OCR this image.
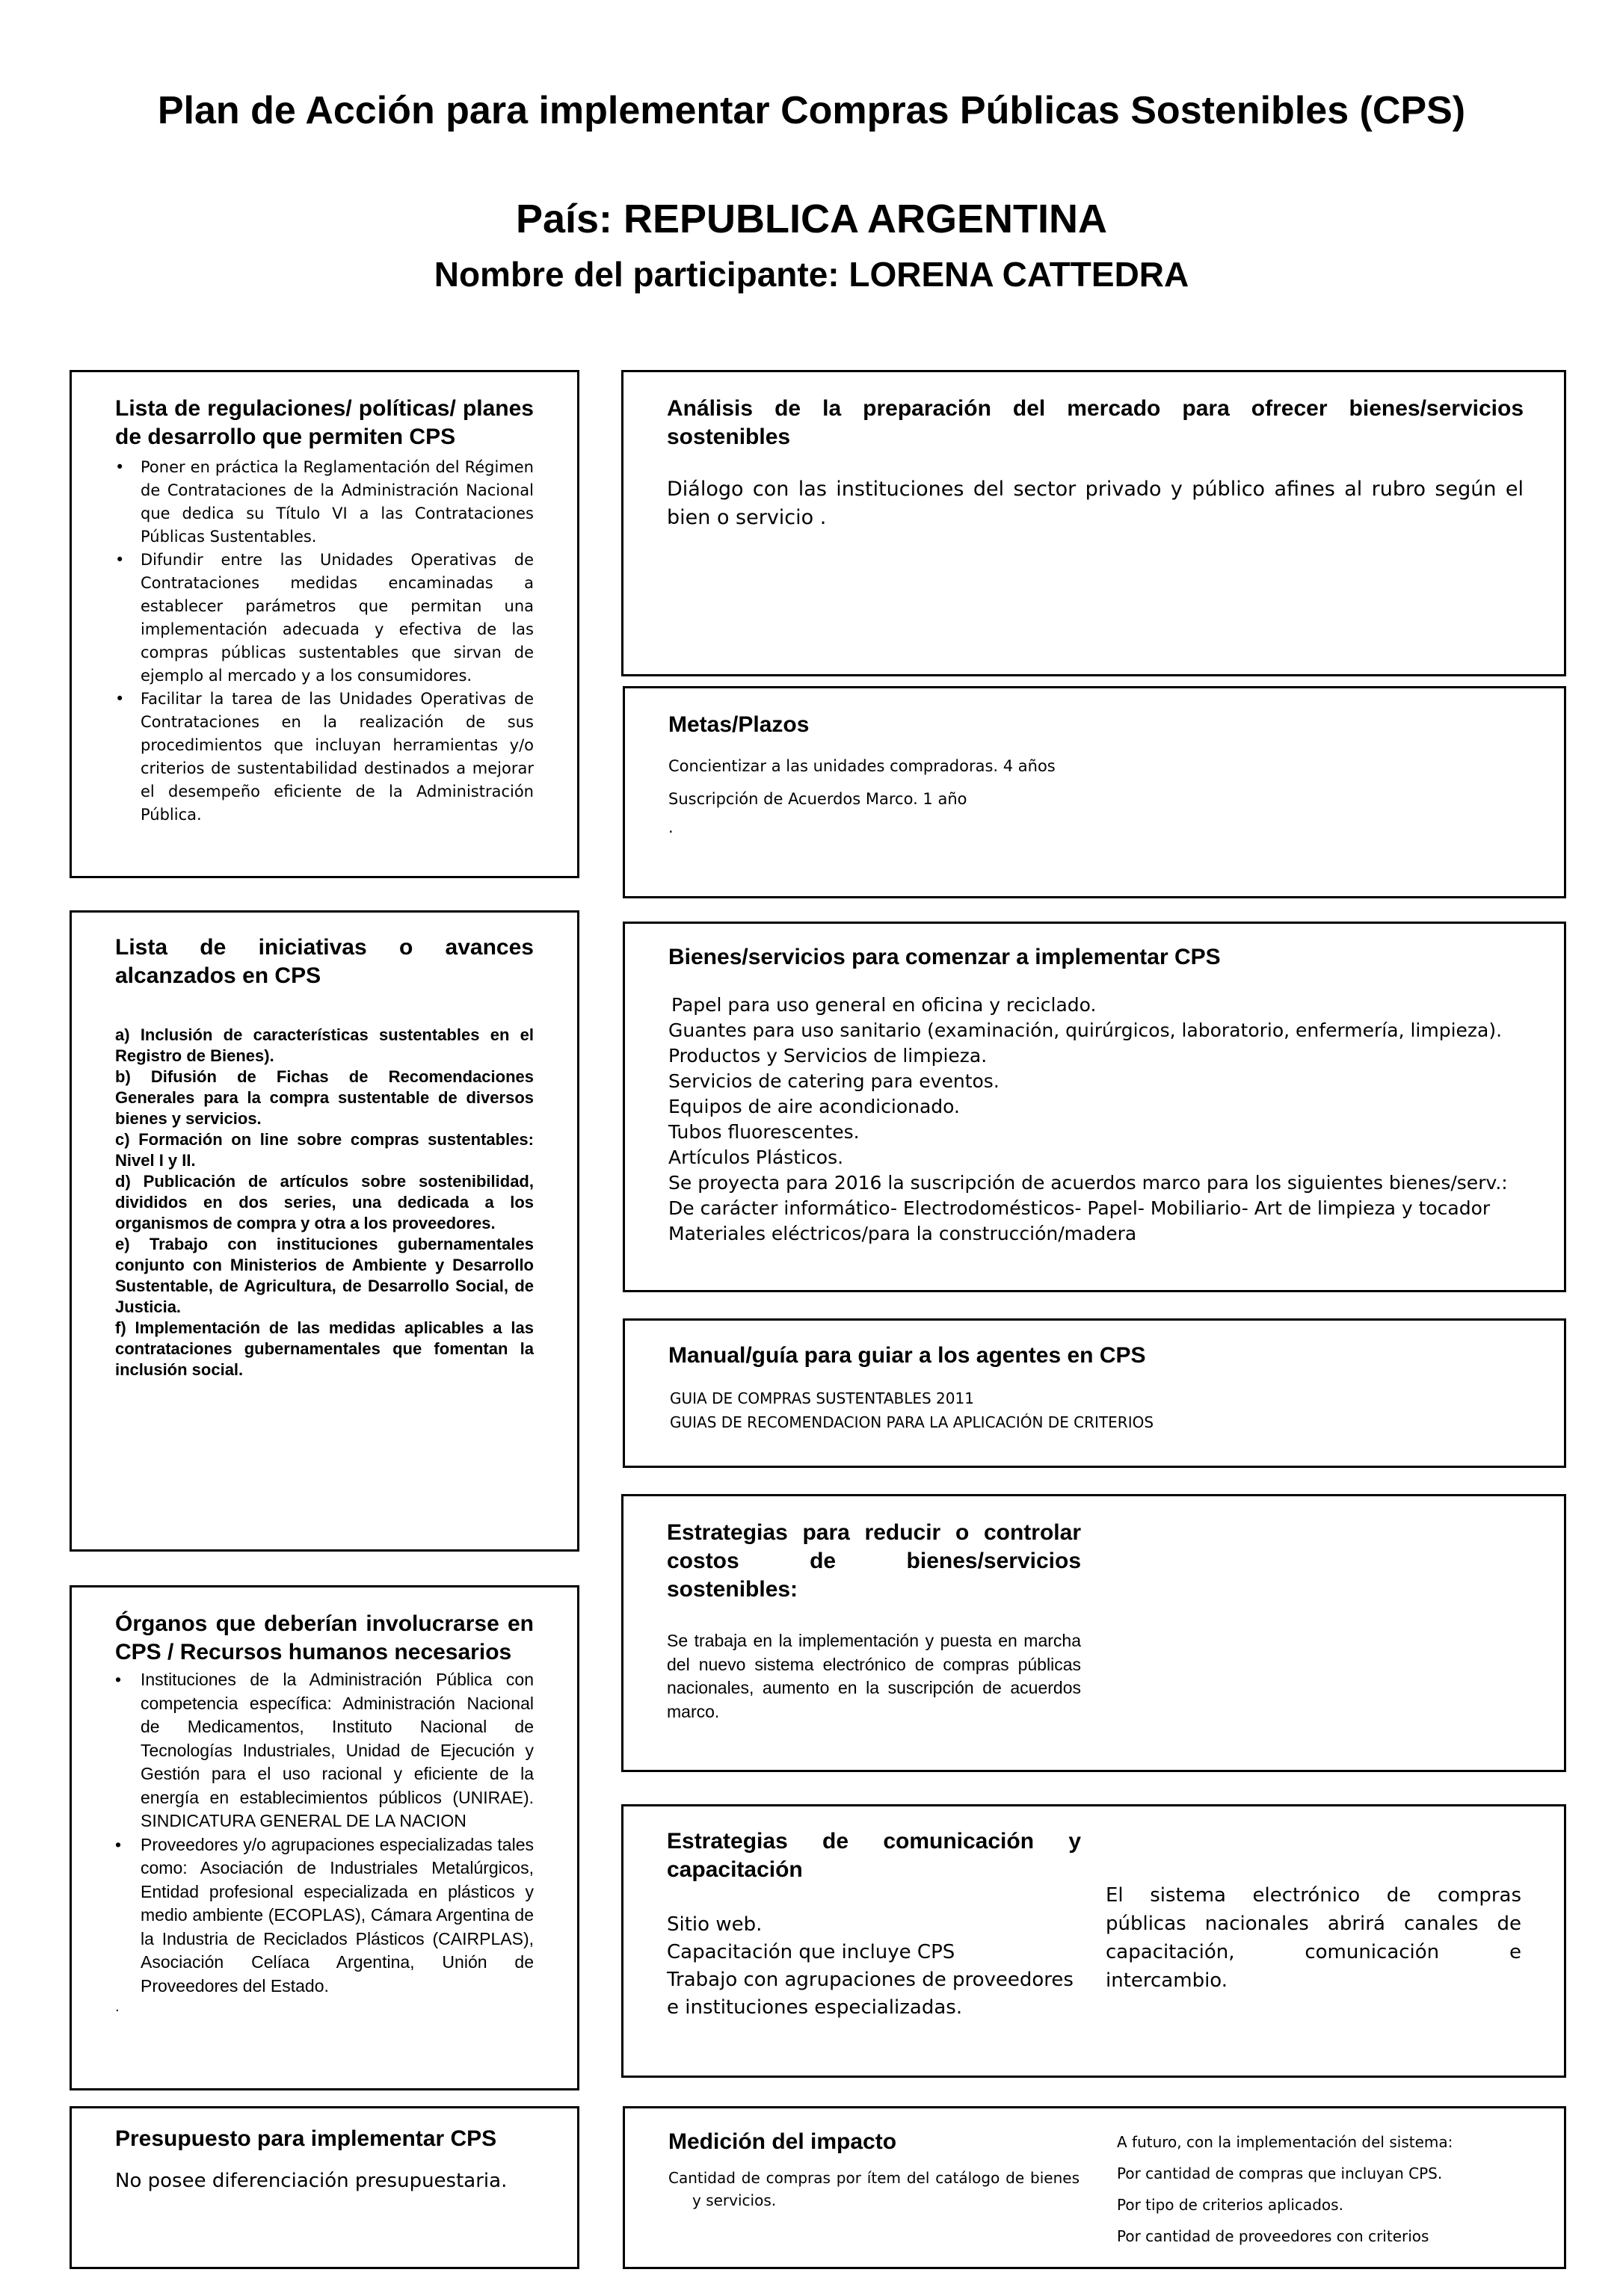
Plan de Acción para implementar Compras Públicas Sostenibles (CPS)
País: REPUBLICA ARGENTINA
Nombre del participante: LORENA CATTEDRA

Lista de regulaciones/ políticas/ planes de desarrollo que permiten CPS

• Poner en práctica la Reglamentación del Régimen de Contrataciones de la Administración Nacional que dedica su Título VI a las Contrataciones Públicas Sustentables.
• Difundir entre las Unidades Operativas de Contrataciones medidas encaminadas a establecer parámetros que permitan una implementación adecuada y efectiva de las compras públicas sustentables que sirvan de ejemplo al mercado y a los consumidores.
• Facilitar la tarea de las Unidades Operativas de Contrataciones en la realización de sus procedimientos que incluyan herramientas y/o criterios de sustentabilidad destinados a mejorar el desempeño eficiente de la Administración Pública.

Análisis de la preparación del mercado para ofrecer bienes/servicios sostenibles

Diálogo con las instituciones del sector privado y público afines al rubro según el bien o servicio .

Metas/Plazos

Concientizar a las unidades compradoras. 4 años

Suscripción de Acuerdos Marco. 1 año

.

Lista de iniciativas o avances alcanzados en CPS

a) Inclusión de características sustentables en el Registro de Bienes).
b) Difusión de Fichas de Recomendaciones Generales para la compra sustentable de diversos bienes y servicios.
c) Formación on line sobre compras sustentables: Nivel I y II.
d) Publicación de artículos sobre sostenibilidad, divididos en dos series, una dedicada a los organismos de compra y otra a los proveedores.
e) Trabajo con instituciones gubernamentales conjunto con Ministerios de Ambiente y Desarrollo Sustentable, de Agricultura, de Desarrollo Social, de Justicia.
f) Implementación de las medidas aplicables a las contrataciones gubernamentales que fomentan la inclusión social.

Bienes/servicios para comenzar a implementar CPS

Papel para uso general en oficina y reciclado.
Guantes para uso sanitario (examinación, quirúrgicos, laboratorio, enfermería, limpieza).
Productos y Servicios de limpieza.
Servicios de catering para eventos.
Equipos de aire acondicionado.
Tubos fluorescentes.
Artículos Plásticos.
Se proyecta para 2016 la suscripción de acuerdos marco para los siguientes bienes/serv.:
De carácter informático- Electrodomésticos- Papel- Mobiliario- Art de limpieza y tocador
Materiales eléctricos/para la construcción/madera

Manual/guía para guiar a los agentes en CPS

GUIA DE COMPRAS SUSTENTABLES 2011
GUIAS DE RECOMENDACION PARA LA APLICACIÓN DE CRITERIOS

Órganos que deberían involucrarse en CPS / Recursos humanos necesarios

• Instituciones de la Administración Pública con competencia específica: Administración Nacional de Medicamentos, Instituto Nacional de Tecnologías Industriales, Unidad de Ejecución y Gestión para el uso racional y eficiente de la energía en establecimientos públicos (UNIRAE). SINDICATURA GENERAL DE LA NACION
• Proveedores y/o agrupaciones especializadas tales como: Asociación de Industriales Metalúrgicos, Entidad profesional especializada en plásticos y medio ambiente (ECOPLAS), Cámara Argentina de la Industria de Reciclados Plásticos (CAIRPLAS), Asociación Celíaca Argentina, Unión de Proveedores del Estado.
.

Estrategias para reducir o controlar costos de bienes/servicios sostenibles:

Se trabaja en la implementación y puesta en marcha del nuevo sistema electrónico de compras públicas nacionales, aumento en la suscripción de acuerdos marco.

Estrategias de comunicación y capacitación

Sitio web.
Capacitación que incluye CPS
Trabajo con agrupaciones de proveedores e instituciones especializadas.

El sistema electrónico de compras públicas nacionales abrirá canales de capacitación, comunicación e intercambio.

Presupuesto para implementar CPS

No posee diferenciación presupuestaria.

Medición del impacto

Cantidad de compras por ítem del catálogo de bienes y servicios.

A futuro, con la implementación del sistema:
Por cantidad de compras que incluyan CPS.
Por tipo de criterios aplicados.
Por cantidad de proveedores con criterios
